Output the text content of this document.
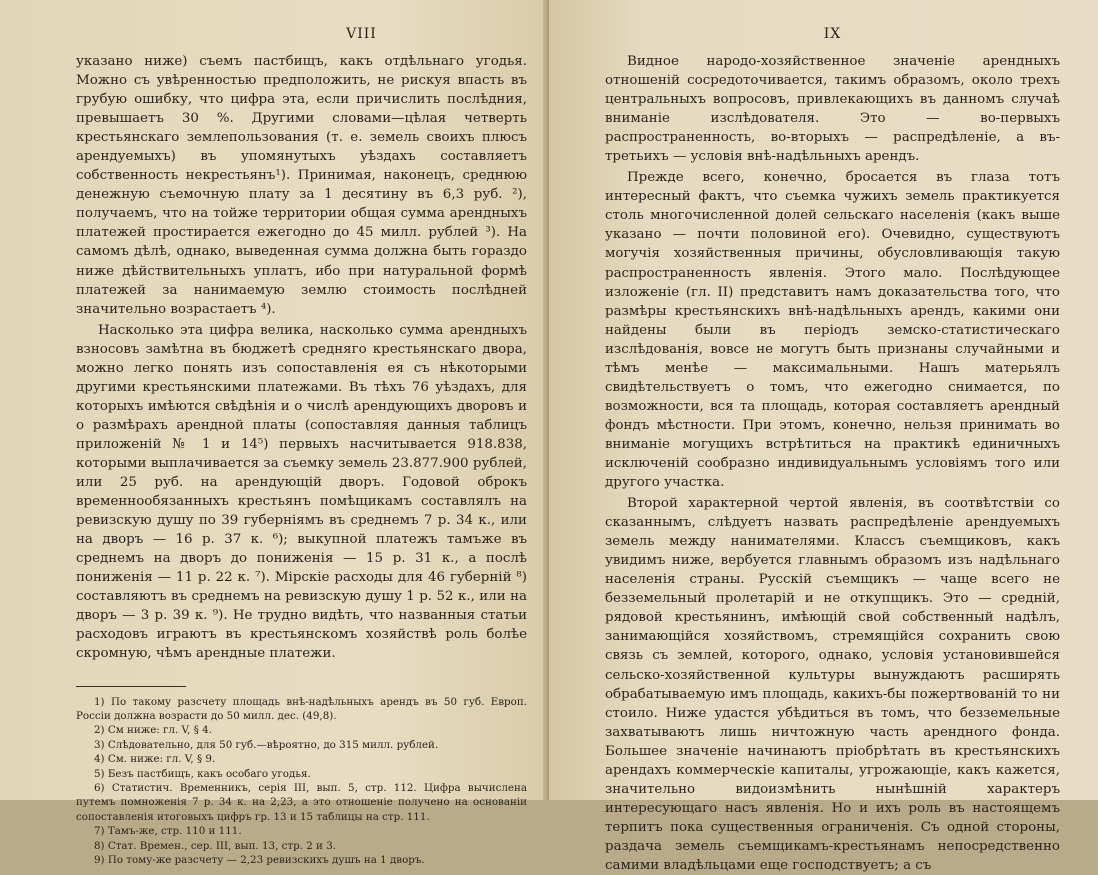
VIII

указано ниже) съемъ пастбищъ, какъ отдѣльнаго угодья. Можно съ увѣренностью предположить, не рискуя впасть въ грубую ошибку, что цифра эта, если причислить послѣдния, превышаетъ 30 %. Другими словами—цѣлая четверть крестьянскаго землепользования (т. е. земель своихъ плюсъ арендуемыхъ) въ упомянутыхъ уѣздахъ составляетъ собственность некрестьянъ¹). Принимая, наконецъ, среднюю денежную съемочную плату за 1 десятину въ 6,3 руб. ²), получаемъ, что на тойже территории общая сумма арендныхъ платежей простирается ежегодно до 45 милл. рублей ³). На самомъ дѣлѣ, однако, выведенная сумма должна быть гораздо ниже дѣйствительныхъ уплатъ, ибо при натуральной формѣ платежей за нанимаемую землю стоимость послѣдней значительно возрастаетъ ⁴).

Насколько эта цифра велика, насколько сумма арендныхъ взносовъ замѣтна въ бюджетѣ средняго крестьянскаго двора, можно легко понять изъ сопоставленія ея съ нѣкоторыми другими крестьянскими платежами. Въ тѣхъ 76 уѣздахъ, для которыхъ имѣются свѣдѣнія и о числѣ арендующихъ дворовъ и о размѣрахъ арендной платы (сопоставляя данныя таблицъ приложеній № 1 и 14⁵) первыхъ насчитывается 918.838, которыми выплачивается за съемку земель 23.877.900 рублей, или 25 руб. на арендующій дворъ. Годовой оброкъ временнообязанныхъ крестьянъ помѣщикамъ составлялъ на ревизскую душу по 39 губерніямъ въ среднемъ 7 р. 34 к., или на дворъ — 16 р. 37 к. ⁶); выкупной платежъ тамъже въ среднемъ на дворъ до пониженія — 15 р. 31 к., а послѣ пониженія — 11 р. 22 к. ⁷). Мірскіе расходы для 46 губерній ⁸) составляютъ въ среднемъ на ревизскую душу 1 р. 52 к., или на дворъ — 3 р. 39 к. ⁹). Не трудно видѣть, что названныя статьи расходовъ играютъ въ крестьянскомъ хозяйствѣ роль болѣе скромную, чѣмъ арендные платежи.

1) По такому разсчету площадь внѣ-надѣльныхъ арендъ въ 50 губ. Европ. Россіи должна возрасти до 50 милл. дес. (49,8).

2) См ниже: гл. V, § 4.

3) Слѣдовательно, для 50 губ.—вѣроятно, до 315 милл. рублей.

4) См. ниже: гл. V, § 9.

5) Безъ пастбищъ, какъ особаго угодья.

6) Статистич. Временникъ, серія III, вып. 5, стр. 112. Цифра вычислена путемъ помноженія 7 р. 34 к. на 2,23, а это отношеніе получено на основаніи сопоставленія итоговыхъ цифръ гр. 13 и 15 таблицы на стр. 111.

7) Тамъ-же, стр. 110 и 111.

8) Стат. Времен., сер. III, вып. 13, стр. 2 и 3.

9) По тому-же разсчету — 2,23 ревизскихъ душъ на 1 дворъ.

IX

Видное народо-хозяйственное значеніе арендныхъ отношеній сосредоточивается, такимъ образомъ, около трехъ центральныхъ вопросовъ, привлекающихъ въ данномъ случаѣ вниманіе изслѣдователя. Это — во-первыхъ распространенность, во-вторыхъ — распредѣленіе, а въ-третьихъ — условія внѣ-надѣльныхъ арендъ.

Прежде всего, конечно, бросается въ глаза тотъ интересный фактъ, что съемка чужихъ земель практикуется столь многочисленной долей сельскаго населенія (какъ выше указано — почти половиной его). Очевидно, существуютъ могучія хозяйственныя причины, обусловливающія такую распространенность явленія. Этого мало. Послѣдующее изложеніе (гл. II) представитъ намъ доказательства того, что размѣры крестьянскихъ внѣ-надѣльныхъ арендъ, какими они найдены были въ періодъ земско-статистическаго изслѣдованія, вовсе не могутъ быть признаны случайными и тѣмъ менѣе — максимальными. Нашъ матерьялъ свидѣтельствуетъ о томъ, что ежегодно снимается, по возможности, вся та площадь, которая составляетъ арендный фондъ мѣстности. При этомъ, конечно, нельзя принимать во вниманіе могущихъ встрѣтиться на практикѣ единичныхъ исключеній сообразно индивидуальнымъ условіямъ того или другого участка.

Второй характерной чертой явленія, въ соотвѣтствіи со сказаннымъ, слѣдуетъ назвать распредѣленіе арендуемыхъ земель между нанимателями. Классъ съемщиковъ, какъ увидимъ ниже, вербуется главнымъ образомъ изъ надѣльнаго населенія страны. Русскій съемщикъ — чаще всего не безземельный пролетарій и не откупщикъ. Это — средній, рядовой крестьянинъ, имѣющій свой собственный надѣлъ, занимающійся хозяйствомъ, стремящійся сохранить свою связь съ землей, которого, однако, условія установившейся сельско-хозяйственной культуры вынуждаютъ расширять обрабатываемую имъ площадь, какихъ-бы пожертвованій то ни стоило. Ниже удастся убѣдиться въ томъ, что безземельные захватываютъ лишь ничтожную часть арендного фонда. Большее значеніе начинаютъ пріобрѣтать въ крестьянскихъ арендахъ коммерческіе капиталы, угрожающіе, какъ кажется, значительно видоизмѣнить нынѣшній характеръ интересующаго насъ явленія. Но и ихъ роль въ настоящемъ терпитъ пока существенныя ограниченія. Съ одной стороны, раздача земель съемщикамъ-крестьянамъ непосредственно самими владѣльцами еще господствуетъ; а съ
